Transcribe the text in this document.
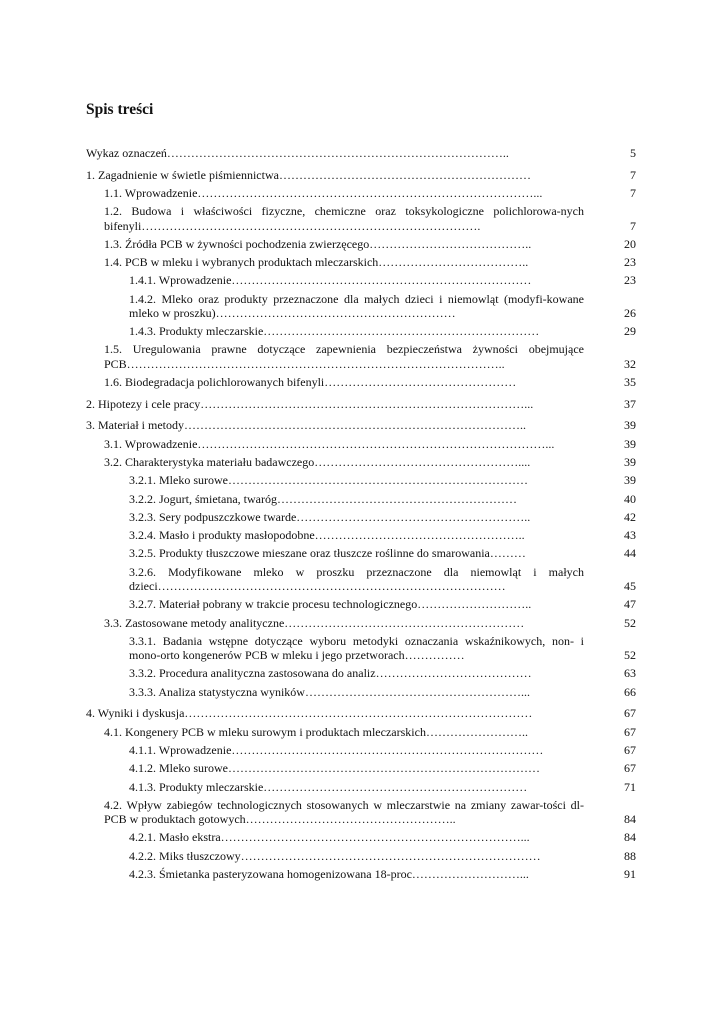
Spis treści
Wykaz oznaczeń…………………………………………………………………………..	5
1. Zagadnienie w świetle piśmiennictwa………………………………………………………	7
1.1. Wprowadzenie…………………………………………………………………………...	7
1.2. Budowa i właściwości fizyczne, chemiczne oraz toksykologiczne polichlorowa-nych bifenyli………………………………………………………………………….	7
1.3. Źródła PCB w żywności pochodzenia zwierzęcego…………………………………..	20
1.4. PCB w mleku i wybranych produktach mleczarskich………………………………..	23
1.4.1. Wprowadzenie…………………………………………………………………	23
1.4.2. Mleko oraz produkty przeznaczone dla małych dzieci i niemowląt (modyfi-kowane mleko w proszku)……………………………………………………	26
1.4.3. Produkty mleczarskie……………………………………………………………	29
1.5. Uregulowania prawne dotyczące zapewnienia bezpieczeństwa żywności obejmujące PCB…………………………………………………………………………………..	32
1.6. Biodegradacja polichlorowanych bifenyli…………………………………………	35
2. Hipotezy i cele pracy………………………………………………………………………...	37
3. Materiał i metody…………………………………………………………………………..	39
3.1. Wprowadzenie……………………………………………………………………………...	39
3.2. Charakterystyka materiału badawczego……………………………………………....	39
3.2.1. Mleko surowe…………………………………………………………………	39
3.2.2. Jogurt, śmietana, twaróg……………………………………………………	40
3.2.3. Sery podpuszczkowe twarde…………………………………………………..	42
3.2.4. Masło i produkty masłopodobne……………………………………………..	43
3.2.5. Produkty tłuszczowe mieszane oraz tłuszcze roślinne do smarowania………	44
3.2.6. Modyfikowane mleko w proszku przeznaczone dla niemowląt i małych dzieci……………………………………………………………………………	45
3.2.7. Materiał pobrany w trakcie procesu technologicznego………………………..	47
3.3. Zastosowane metody analityczne……………………………………………………	52
3.3.1. Badania wstępne dotyczące wyboru metodyki oznaczania wskaźnikowych, non- i mono-orto kongenerów PCB w mleku i jego przetworach……………	52
3.3.2. Procedura analityczna zastosowana do analiz…………………………………	63
3.3.3. Analiza statystyczna wyników………………………………………………...	66
4. Wyniki i dyskusja……………………………………………………………………………	67
4.1. Kongenery PCB w mleku surowym i produktach mleczarskich……………………..	67
4.1.1. Wprowadzenie……………………………………………………………………	67
4.1.2. Mleko surowe……………………………………………………………………	67
4.1.3. Produkty mleczarskie…………………………………………………………	71
4.2. Wpływ zabiegów technologicznych stosowanych w mleczarstwie na zmiany zawar-tości dl-PCB w produktach gotowych……………………………………………..	84
4.2.1. Masło ekstra…………………………………………………………………...	84
4.2.2. Miks tłuszczowy…………………………………………………………………	88
4.2.3. Śmietanka pasteryzowana homogenizowana 18-proc………………………...	91
